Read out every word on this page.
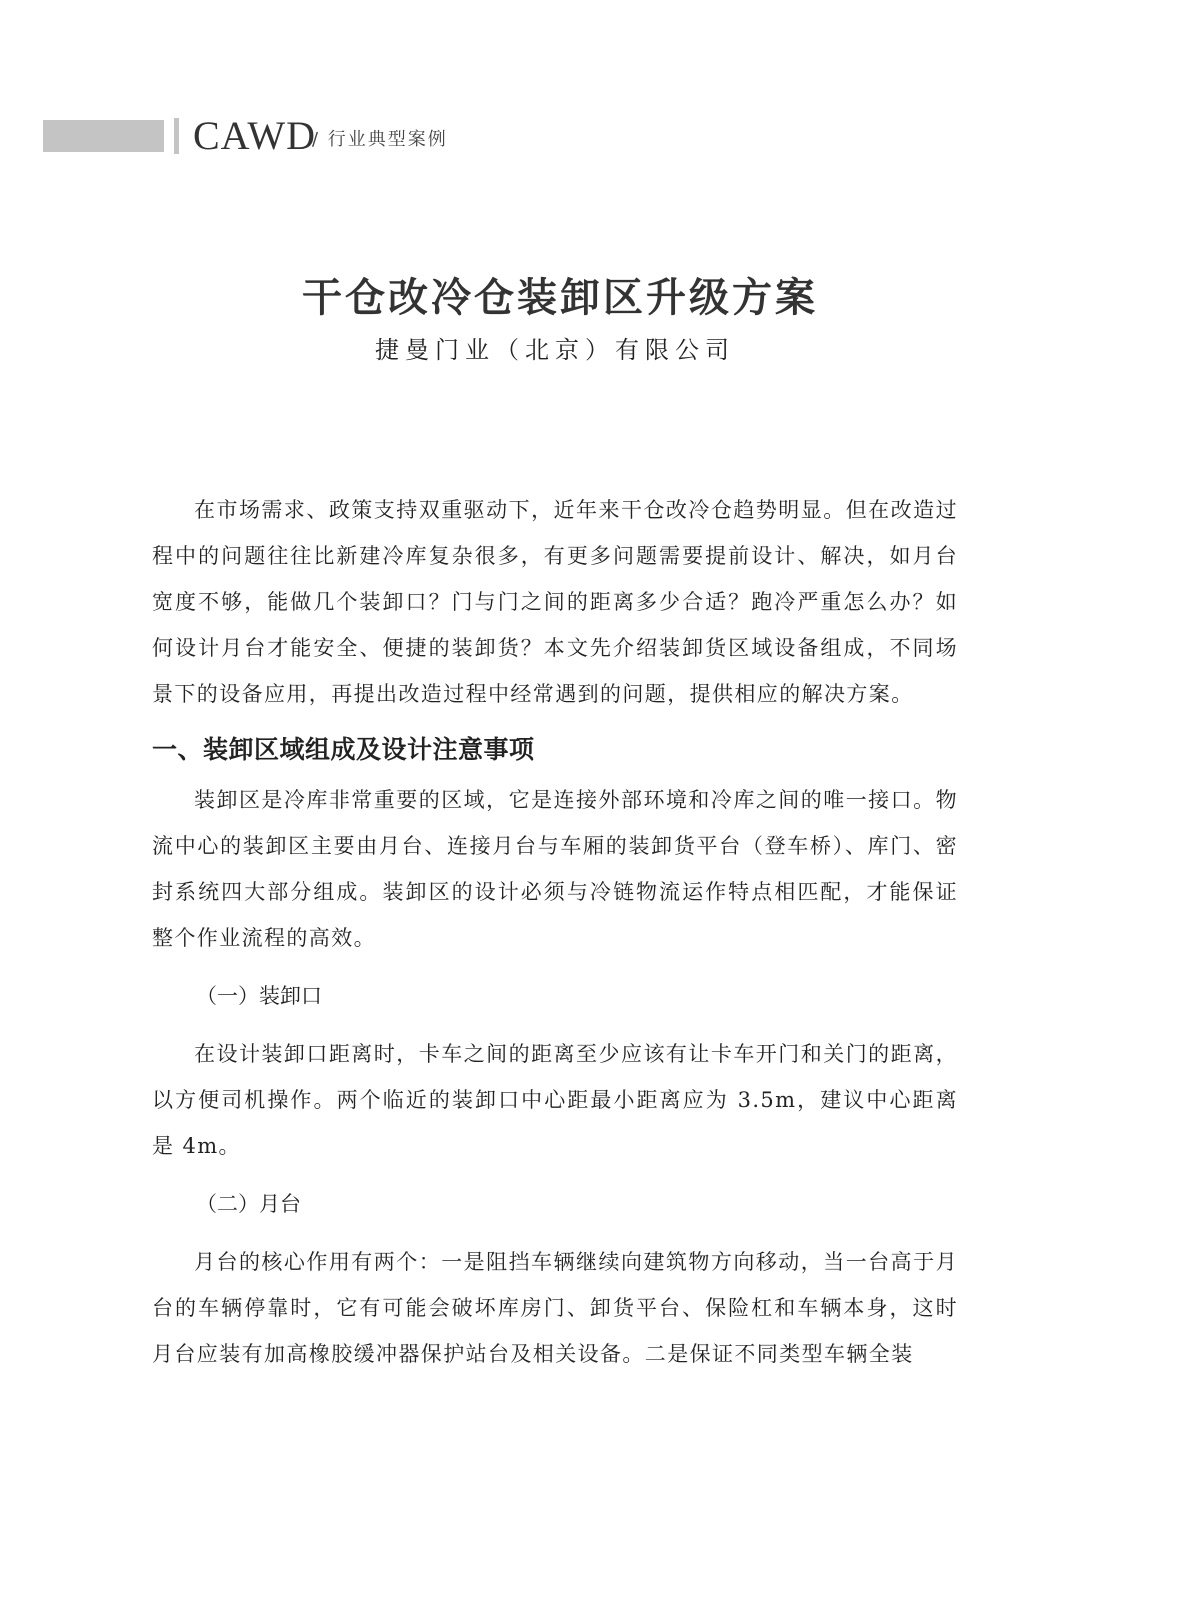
CAWD
/ 行业典型案例
干仓改冷仓装卸区升级方案
捷曼门业（北京）有限公司

在市场需求、政策支持双重驱动下，近年来干仓改冷仓趋势明显。但在改造过程中的问题往往比新建冷库复杂很多，有更多问题需要提前设计、解决，如月台宽度不够，能做几个装卸口？门与门之间的距离多少合适？跑冷严重怎么办？如何设计月台才能安全、便捷的装卸货？本文先介绍装卸货区域设备组成，不同场景下的设备应用，再提出改造过程中经常遇到的问题，提供相应的解决方案。

一、装卸区域组成及设计注意事项

装卸区是冷库非常重要的区域，它是连接外部环境和冷库之间的唯一接口。物流中心的装卸区主要由月台、连接月台与车厢的装卸货平台（登车桥）、库门、密封系统四大部分组成。装卸区的设计必须与冷链物流运作特点相匹配，才能保证整个作业流程的高效。

（一）装卸口

在设计装卸口距离时，卡车之间的距离至少应该有让卡车开门和关门的距离，以方便司机操作。两个临近的装卸口中心距最小距离应为 3.5m，建议中心距离是 4m。

（二）月台

月台的核心作用有两个：一是阻挡车辆继续向建筑物方向移动，当一台高于月台的车辆停靠时，它有可能会破坏库房门、卸货平台、保险杠和车辆本身，这时月台应装有加高橡胶缓冲器保护站台及相关设备。二是保证不同类型车辆全装
